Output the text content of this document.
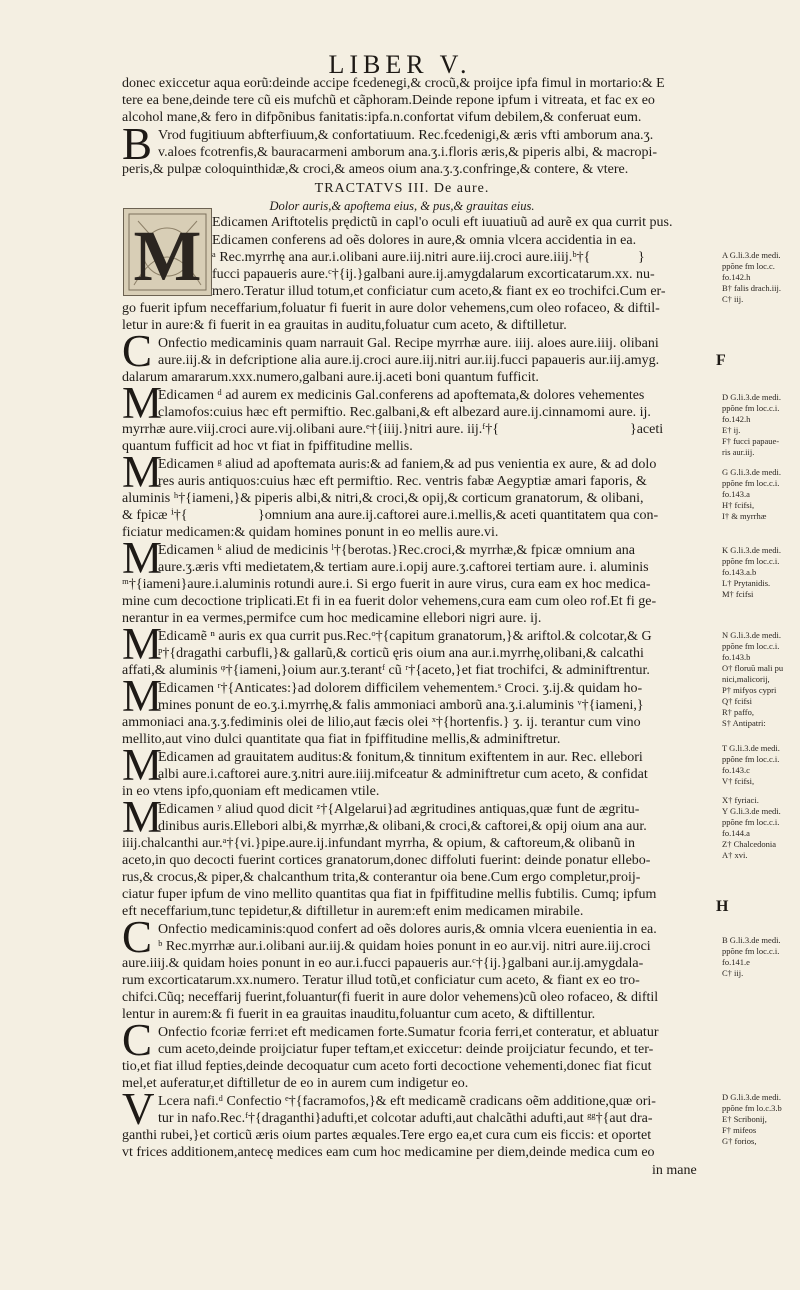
LIBER V.
donec exiccetur aqua eorũ:deinde accipe fcedenegi,& crocũ,& proijce ipfa fimul in mortario:& E
tere ea bene,deinde tere cũ eis mufchũ et cãphoram.Deinde repone ipfum i vitreata, et fac ex eo
alcohol mane,& fero in difpõnibus fanitatis:ipfa.n.confortat vifum debilem,& conferuat eum.
B Vrod fugitiuum abfterfiuum,& confortatiuum. Rec.fcedenigi,& æris vfti amborum ana.ʒ.
v.aloes fcotrenfis,& bauracarmeni amborum ana.ʒ.i.floris æris,& piperis albi, & macropi-
peris,& pulpæ coloquinthidæ,& croci,& ameos oium ana.ʒ.ʒ.confringe,& contere, & vtere.
TRACTATVS III. De aure.
Dolor auris,& apoftema eius, & pus,& grauitas eius.
M Edicamen Ariftotelis prędictũ in capl'o oculi eft iuuatiuũ ad aurẽ ex qua currit pus.
Edicamen conferens ad oẽs dolores in aure,& omnia vlcera accidentia in ea.
ᵃ Rec.myrrhę ana aur.i.olibani aure.iij.nitri aure.iij.croci aure.iiij.ᵇ†{	}
fucci papaueris aure.ᶜ†{ij.}galbani aure.ij.amygdalarum excorticatarum.xx. nu-
mero.Teratur illud totum,et conficiatur cum aceto,& fiant ex eo trochifci.Cum er-
go fuerit ipfum neceffarium,foluatur fi fuerit in aure dolor vehemens,cum oleo rofaceo, & diftil-
letur in aure:& fi fuerit in ea grauitas in auditu,foluatur cum aceto, & diftilletur.
C Onfectio medicaminis quam narrauit Gal. Recipe myrrhæ aure. iiij. aloes aure.iiij. olibani
aure.iij.& in defcriptione alia aure.ij.croci aure.iij.nitri aur.iij.fucci papaueris aur.iij.amyg.	F
dalarum amararum.xxx.numero,galbani aure.ij.aceti boni quantum fufficit.
M
Edicamen ᵈ ad aurem ex medicinis Gal.conferens ad apoftemata,& dolores vehementes
clamofos:cuius hæc eft permiftio. Rec.galbani,& eft albezard aure.ij.cinnamomi aure. ij.
myrrhæ aure.viij.croci aure.vij.olibani aure.ᵉ†{iiij.}nitri aure. iij.ᶠ†{	}aceti
quantum fufficit ad hoc vt fiat in fpiffitudine mellis.
M
Edicamen ᵍ aliud ad apoftemata auris:& ad faniem,& ad pus venientia ex aure, & ad dolo
res auris antiquos:cuius hæc eft permiftio. Rec. ventris fabæ Aegyptiæ amari faporis, &
aluminis ʰ†{iameni,}& piperis albi,& nitri,& croci,& opij,& corticum granatorum, & olibani,
& fpicæ ⁱ†{	}omnium ana aure.ij.caftorei aure.i.mellis,& aceti quantitatem qua con-
ficiatur medicamen:& quidam homines ponunt in eo mellis aure.vi.
M
Edicamen ᵏ aliud de medicinis ˡ†{berotas.}Rec.croci,& myrrhæ,& fpicæ omnium ana
aure.ʒ.æris vfti medietatem,& tertiam aure.i.opij aure.ʒ.caftorei tertiam aure. i. aluminis
ᵐ†{iameni}aure.i.aluminis rotundi aure.i. Si ergo fuerit in aure virus, cura eam ex hoc medica-
mine cum decoctione triplicati.Et fi in ea fuerit dolor vehemens,cura eam cum oleo rof.Et fi ge-
nerantur in ea vermes,permifce cum hoc medicamine ellebori nigri aure. ij.
M
Edicamẽ ⁿ auris ex qua currit pus.Rec.ᵒ†{capitum granatorum,}& ariftol.& colcotar,& G
ᵖ†{dragathi carbufli,}& gallarũ,& corticũ ęris oium ana aur.i.myrrhę,olibani,& calcathi
affati,& aluminis ᵠ†{iameni,}oium aur.ʒ.terantᶠ cũ ʳ†{aceto,}et fiat trochifci, & adminiftrentur.
M
Edicamen ʳ†{Anticates:}ad dolorem difficilem vehementem.ˢ Croci. ʒ.ij.& quidam ho-
mines ponunt de eo.ʒ.i.myrrhę,& falis ammoniaci amborũ ana.ʒ.i.aluminis ᵛ†{iameni,}
ammoniaci ana.ʒ.ʒ.fediminis olei de lilio,aut fæcis olei ˣ†{hortenfis.} ʒ. ij. terantur cum vino
mellito,aut vino dulci quantitate qua fiat in fpiffitudine mellis,& adminiftretur.
M
Edicamen ad grauitatem auditus:& fonitum,& tinnitum exiftentem in aur. Rec. ellebori
albi aure.i.caftorei aure.ʒ.nitri aure.iiij.mifceatur & adminiftretur cum aceto, & confidat
in eo vtens ipfo,quoniam eft medicamen vtile.
M
Edicamen ʸ aliud quod dicit ᶻ†{Algelarui}ad ægritudines antiquas,quæ funt de ægritu-
dinibus auris.Ellebori albi,& myrrhæ,& olibani,& croci,& caftorei,& opij oium ana aur.
iiij.chalcanthi aur.ᵃ†{vi.}pipe.aure.ij.infundant myrrha, & opium, & caftoreum,& olibanũ in
aceto,in quo decocti fuerint cortices granatorum,donec diffoluti fuerint: deinde ponatur ellebo-
rus,& crocus,& piper,& chalcanthum trita,& conterantur oia bene.Cum ergo completur,proij-
ciatur fuper ipfum de vino mellito quantitas qua fiat in fpiffitudine mellis fubtilis. Cumq; ipfum
eft neceffarium,tunc tepidetur,& diftilletur in aurem:eft enim medicamen mirabile.	H
C Onfectio medicaminis:quod confert ad oẽs dolores auris,& omnia vlcera euenientia in ea.
ᵇ Rec.myrrhæ aur.i.olibani aur.iij.& quidam hoies ponunt in eo aur.vij. nitri aure.iij.croci
aure.iiij.& quidam hoies ponunt in eo aur.i.fucci papaueris aur.ᶜ†{ij.}galbani aur.ij.amygdala-
rum excorticatarum.xx.numero. Teratur illud totũ,et conficiatur cum aceto, & fiant ex eo tro-
chifci.Cũq; neceffarij fuerint,foluantur(fi fuerit in aure dolor vehemens)cũ oleo rofaceo, & diftil
lentur in aurem:& fi fuerit in ea grauitas inauditu,foluantur cum aceto, & diftillentur.
C Onfectio fcoriæ ferri:et eft medicamen forte.Sumatur fcoria ferri,et conteratur, et abluatur
cum aceto,deinde proijciatur fuper teftam,et exiccetur: deinde proijciatur fecundo, et ter-
tio,et fiat illud fepties,deinde decoquatur cum aceto forti decoctione vehementi,donec fiat ficut
mel,et auferatur,et diftilletur de eo in aurem cum indigetur eo.
V Lcera nafi.ᵈ Confectio ᵉ†{facramofos,}& eft medicamẽ cradicans oẽm additione,quæ ori-
tur in nafo.Rec.ᶠ†{draganthi}adufti,et colcotar adufti,aut chalcãthi adufti,aut ᵍᵍ†{aut dra-
ganthi rubei,}et corticũ æris oium partes æquales.Tere ergo ea,et cura cum eis ficcis: et oportet
vt frices additionem,antecę medices eam cum hoc medicamine per diem,deinde medica cum eo
in mane
A G.li.3.de medi.
ppõne fm loc.c.
fo.142.h
B† falis drach.iij.
C† iij.
D G.li.3.de medi.
ppõne fm loc.c.i.
fo.142.h
E† ij.
F† fucci papaue-
ris aur.iij.
G G.li.3.de medi.
ppõne fm loc.c.i.
fo.143.a
H† fcifsi,
I† & myrrhæ
K G.li.3.de medi.
ppõne fm loc.c.i.
fo.143.a.b
L† Prytanidis.
M† fcifsi
N G.li.3.de medi.
ppõne fm loc.c.i.
fo.143.b
O† floruũ mali pu
nici,malicorij,
P† mifyos cypri
Q† fcifsi
R† paffo,
S† Antipatri:
T G.li.3.de medi.
ppõne fm loc.c.i.
fo.143.c
V† fcifsi,
X† fyriaci.
Y G.li.3.de medi.
ppõne fm loc.c.i.
fo.144.a
Z† Chalcedonia
A† xvi.
B G.li.3.de medi.
ppõne fm loc.c.i.
fo.141.e
C† iij.
D G.li.3.de medi.
ppõne fm lo.c.3.b
E† Scribonij,
F† mifeos
G† forios,
